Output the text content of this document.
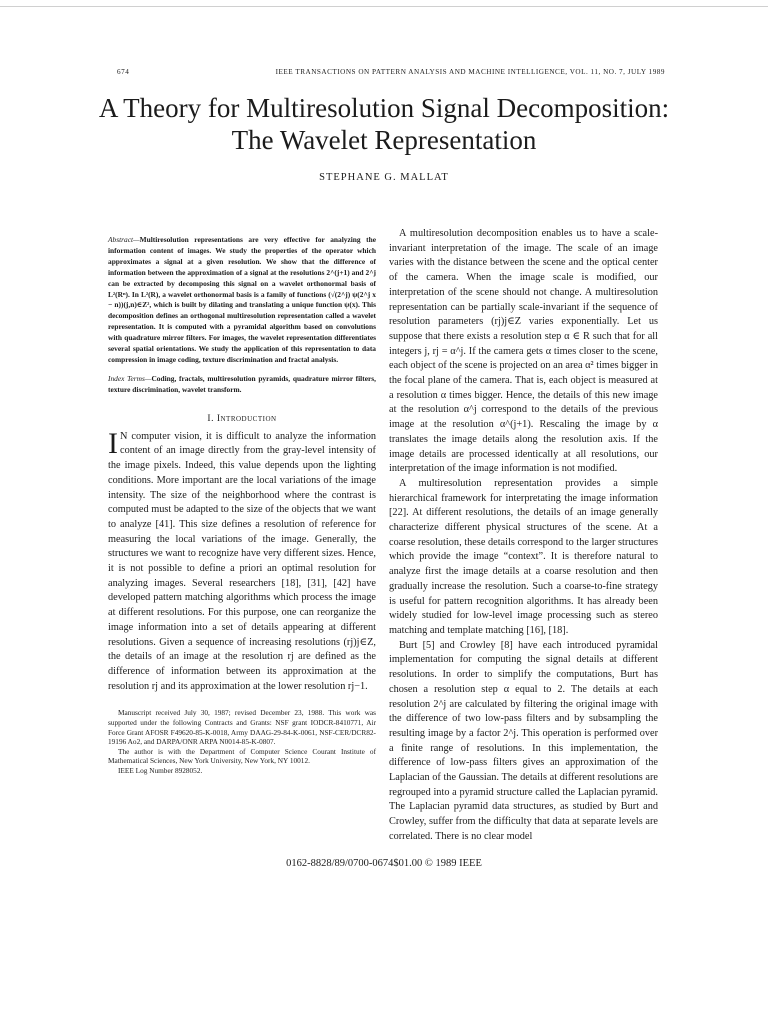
674	IEEE TRANSACTIONS ON PATTERN ANALYSIS AND MACHINE INTELLIGENCE, VOL. 11, NO. 7, JULY 1989
A Theory for Multiresolution Signal Decomposition:
The Wavelet Representation
STEPHANE G. MALLAT
Abstract—Multiresolution representations are very effective for analyzing the information content of images. We study the properties of the operator which approximates a signal at a given resolution. We show that the difference of information between the approximation of a signal at the resolutions 2^(j+1) and 2^j can be extracted by decomposing this signal on a wavelet orthonormal basis of L²(Rⁿ). In L²(R), a wavelet orthonormal basis is a family of functions (√(2^j) ψ(2^j x − n))(j,n)∈Z², which is built by dilating and translating a unique function ψ(x). This decomposition defines an orthogonal multiresolution representation called a wavelet representation. It is computed with a pyramidal algorithm based on convolutions with quadrature mirror filters. For images, the wavelet representation differentiates several spatial orientations. We study the application of this representation to data compression in image coding, texture discrimination and fractal analysis.
Index Terms—Coding, fractals, multiresolution pyramids, quadrature mirror filters, texture discrimination, wavelet transform.
I. Introduction

I N computer vision, it is difficult to analyze the information content of an image directly from the gray-level intensity of the image pixels. Indeed, this value depends upon the lighting conditions. More important are the local variations of the image intensity. The size of the neighborhood where the contrast is computed must be adapted to the size of the objects that we want to analyze [41]. This size defines a resolution of reference for measuring the local variations of the image. Generally, the structures we want to recognize have very different sizes. Hence, it is not possible to define a priori an optimal resolution for analyzing images. Several researchers [18], [31], [42] have developed pattern matching algorithms which process the image at different resolutions. For this purpose, one can reorganize the image information into a set of details appearing at different resolutions. Given a sequence of increasing resolutions (rj)j∈Z, the details of an image at the resolution rj are defined as the difference of information between its approximation at the resolution rj and its approximation at the lower resolution rj−1.

Manuscript received July 30, 1987; revised December 23, 1988. This work was supported under the following Contracts and Grants: NSF grant IODCR-8410771, Air Force Grant AFOSR F49620-85-K-0018, Army DAAG-29-84-K-0061, NSF-CER/DCR82-19196 Ao2, and DARPA/ONR ARPA N0014-85-K-0807.

The author is with the Department of Computer Science Courant Institute of Mathematical Sciences, New York University, New York, NY 10012.

IEEE Log Number 8928052.

A multiresolution decomposition enables us to have a scale-invariant interpretation of the image. The scale of an image varies with the distance between the scene and the optical center of the camera. When the image scale is modified, our interpretation of the scene should not change. A multiresolution representation can be partially scale-invariant if the sequence of resolution parameters (rj)j∈Z varies exponentially. Let us suppose that there exists a resolution step α ∈ R such that for all integers j, rj = α^j. If the camera gets α times closer to the scene, each object of the scene is projected on an area α² times bigger in the focal plane of the camera. That is, each object is measured at a resolution α times bigger. Hence, the details of this new image at the resolution α^j correspond to the details of the previous image at the resolution α^(j+1). Rescaling the image by α translates the image details along the resolution axis. If the image details are processed identically at all resolutions, our interpretation of the image information is not modified.

A multiresolution representation provides a simple hierarchical framework for interpretating the image information [22]. At different resolutions, the details of an image generally characterize different physical structures of the scene. At a coarse resolution, these details correspond to the larger structures which provide the image “context”. It is therefore natural to analyze first the image details at a coarse resolution and then gradually increase the resolution. Such a coarse-to-fine strategy is useful for pattern recognition algorithms. It has already been widely studied for low-level image processing such as stereo matching and template matching [16], [18].

Burt [5] and Crowley [8] have each introduced pyramidal implementation for computing the signal details at different resolutions. In order to simplify the computations, Burt has chosen a resolution step α equal to 2. The details at each resolution 2^j are calculated by filtering the original image with the difference of two low-pass filters and by subsampling the resulting image by a factor 2^j. This operation is performed over a finite range of resolutions. In this implementation, the difference of low-pass filters gives an approximation of the Laplacian of the Gaussian. The details at different resolutions are regrouped into a pyramid structure called the Laplacian pyramid. The Laplacian pyramid data structures, as studied by Burt and Crowley, suffer from the difficulty that data at separate levels are correlated. There is no clear model

0162-8828/89/0700-0674$01.00 © 1989 IEEE
